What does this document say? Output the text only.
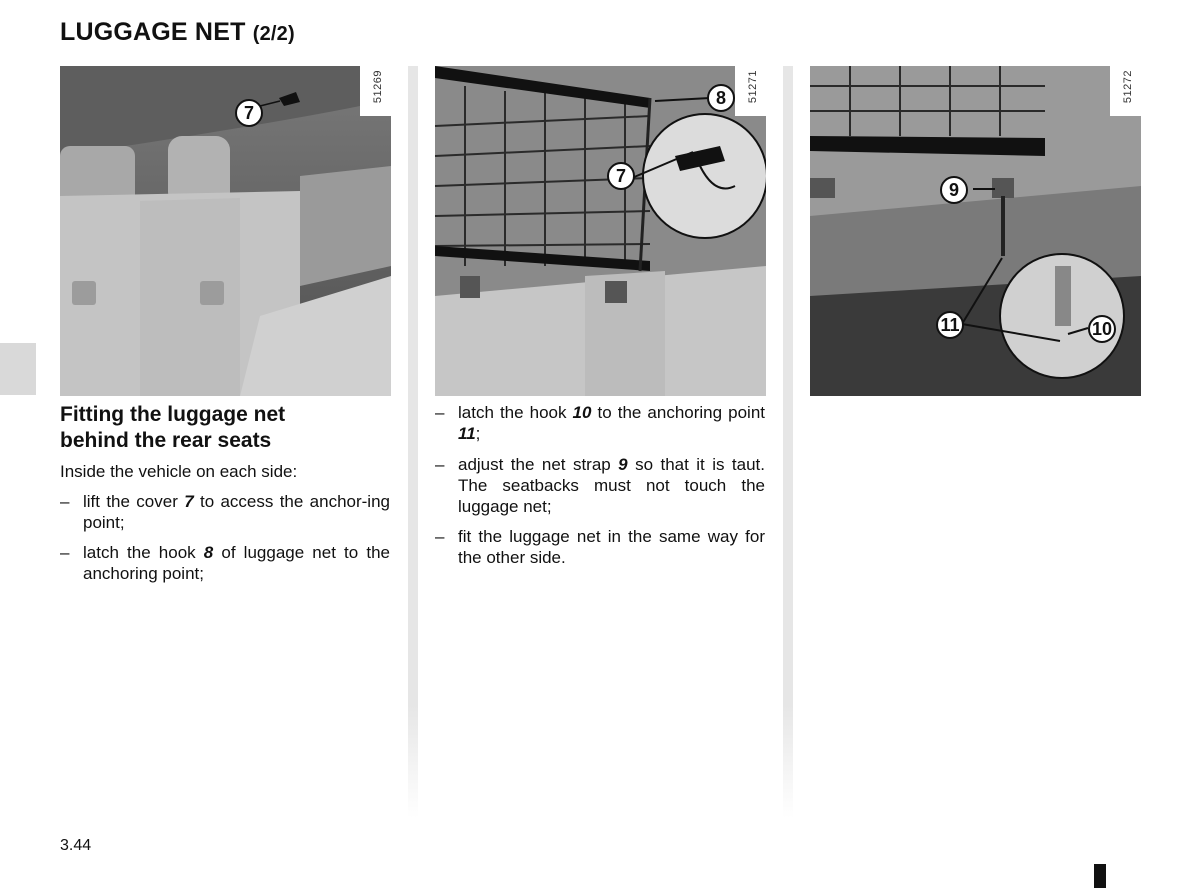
LUGGAGE NET (2/2)
51269
7
51271
8
7
51272
9
11	10
Fitting the luggage net
behind the rear seats

Inside the vehicle on each side:

– lift the cover 7 to access the anchor-ing point;
– latch the hook 8 of luggage net to the anchoring point;
– latch the hook 10 to the anchoring point 11;
– adjust the net strap 9 so that it is taut. The seatbacks must not touch the luggage net;
– fit the luggage net in the same way for the other side.
3.44
